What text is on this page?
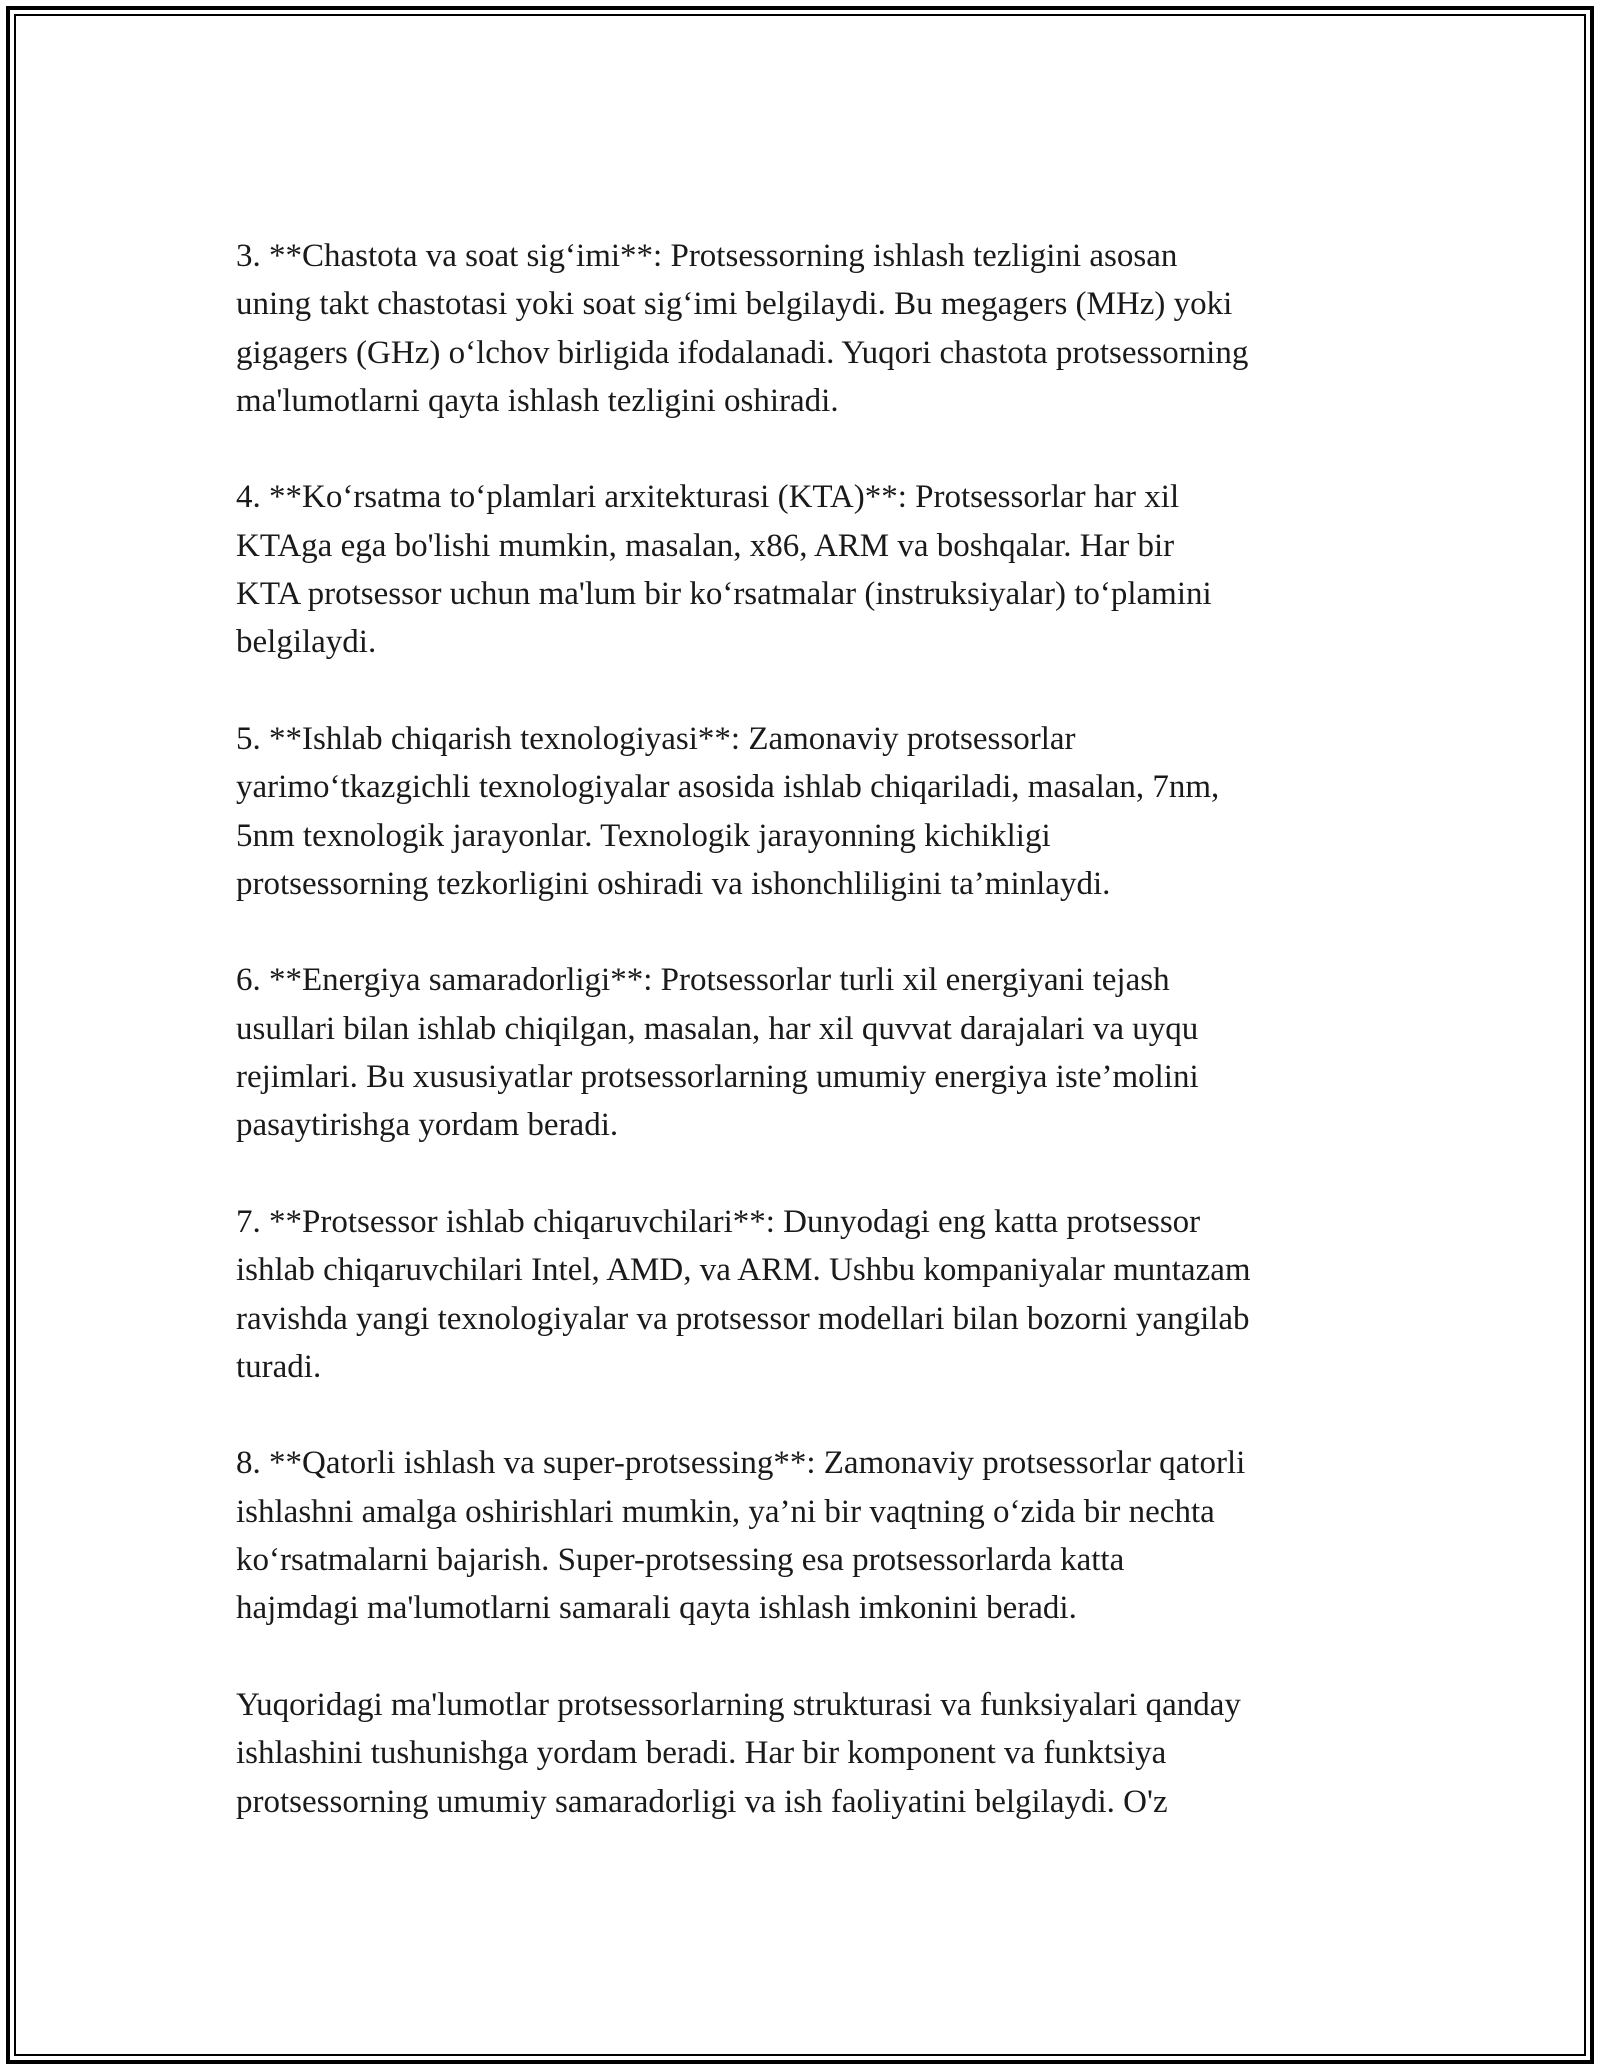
3. **Chastota va soat sig‘imi**: Protsessorning ishlash tezligini asosan
uning takt chastotasi yoki soat sig‘imi belgilaydi. Bu megagers (MHz) yoki
gigagers (GHz) o‘lchov birligida ifodalanadi. Yuqori chastota protsessorning
ma'lumotlarni qayta ishlash tezligini oshiradi.

4. **Ko‘rsatma to‘plamlari arxitekturasi (KTA)**: Protsessorlar har xil
KTAga ega bo'lishi mumkin, masalan, x86, ARM va boshqalar. Har bir
KTA protsessor uchun ma'lum bir ko‘rsatmalar (instruksiyalar) to‘plamini
belgilaydi.

5. **Ishlab chiqarish texnologiyasi**: Zamonaviy protsessorlar
yarimo‘tkazgichli texnologiyalar asosida ishlab chiqariladi, masalan, 7nm,
5nm texnologik jarayonlar. Texnologik jarayonning kichikligi
protsessorning tezkorligini oshiradi va ishonchliligini ta’minlaydi.

6. **Energiya samaradorligi**: Protsessorlar turli xil energiyani tejash
usullari bilan ishlab chiqilgan, masalan, har xil quvvat darajalari va uyqu
rejimlari. Bu xususiyatlar protsessorlarning umumiy energiya iste’molini
pasaytirishga yordam beradi.

7. **Protsessor ishlab chiqaruvchilari**: Dunyodagi eng katta protsessor
ishlab chiqaruvchilari Intel, AMD, va ARM. Ushbu kompaniyalar muntazam
ravishda yangi texnologiyalar va protsessor modellari bilan bozorni yangilab
turadi.

8. **Qatorli ishlash va super-protsessing**: Zamonaviy protsessorlar qatorli
ishlashni amalga oshirishlari mumkin, ya’ni bir vaqtning o‘zida bir nechta
ko‘rsatmalarni bajarish. Super-protsessing esa protsessorlarda katta
hajmdagi ma'lumotlarni samarali qayta ishlash imkonini beradi.

Yuqoridagi ma'lumotlar protsessorlarning strukturasi va funksiyalari qanday
ishlashini tushunishga yordam beradi. Har bir komponent va funktsiya
protsessorning umumiy samaradorligi va ish faoliyatini belgilaydi. O'z
